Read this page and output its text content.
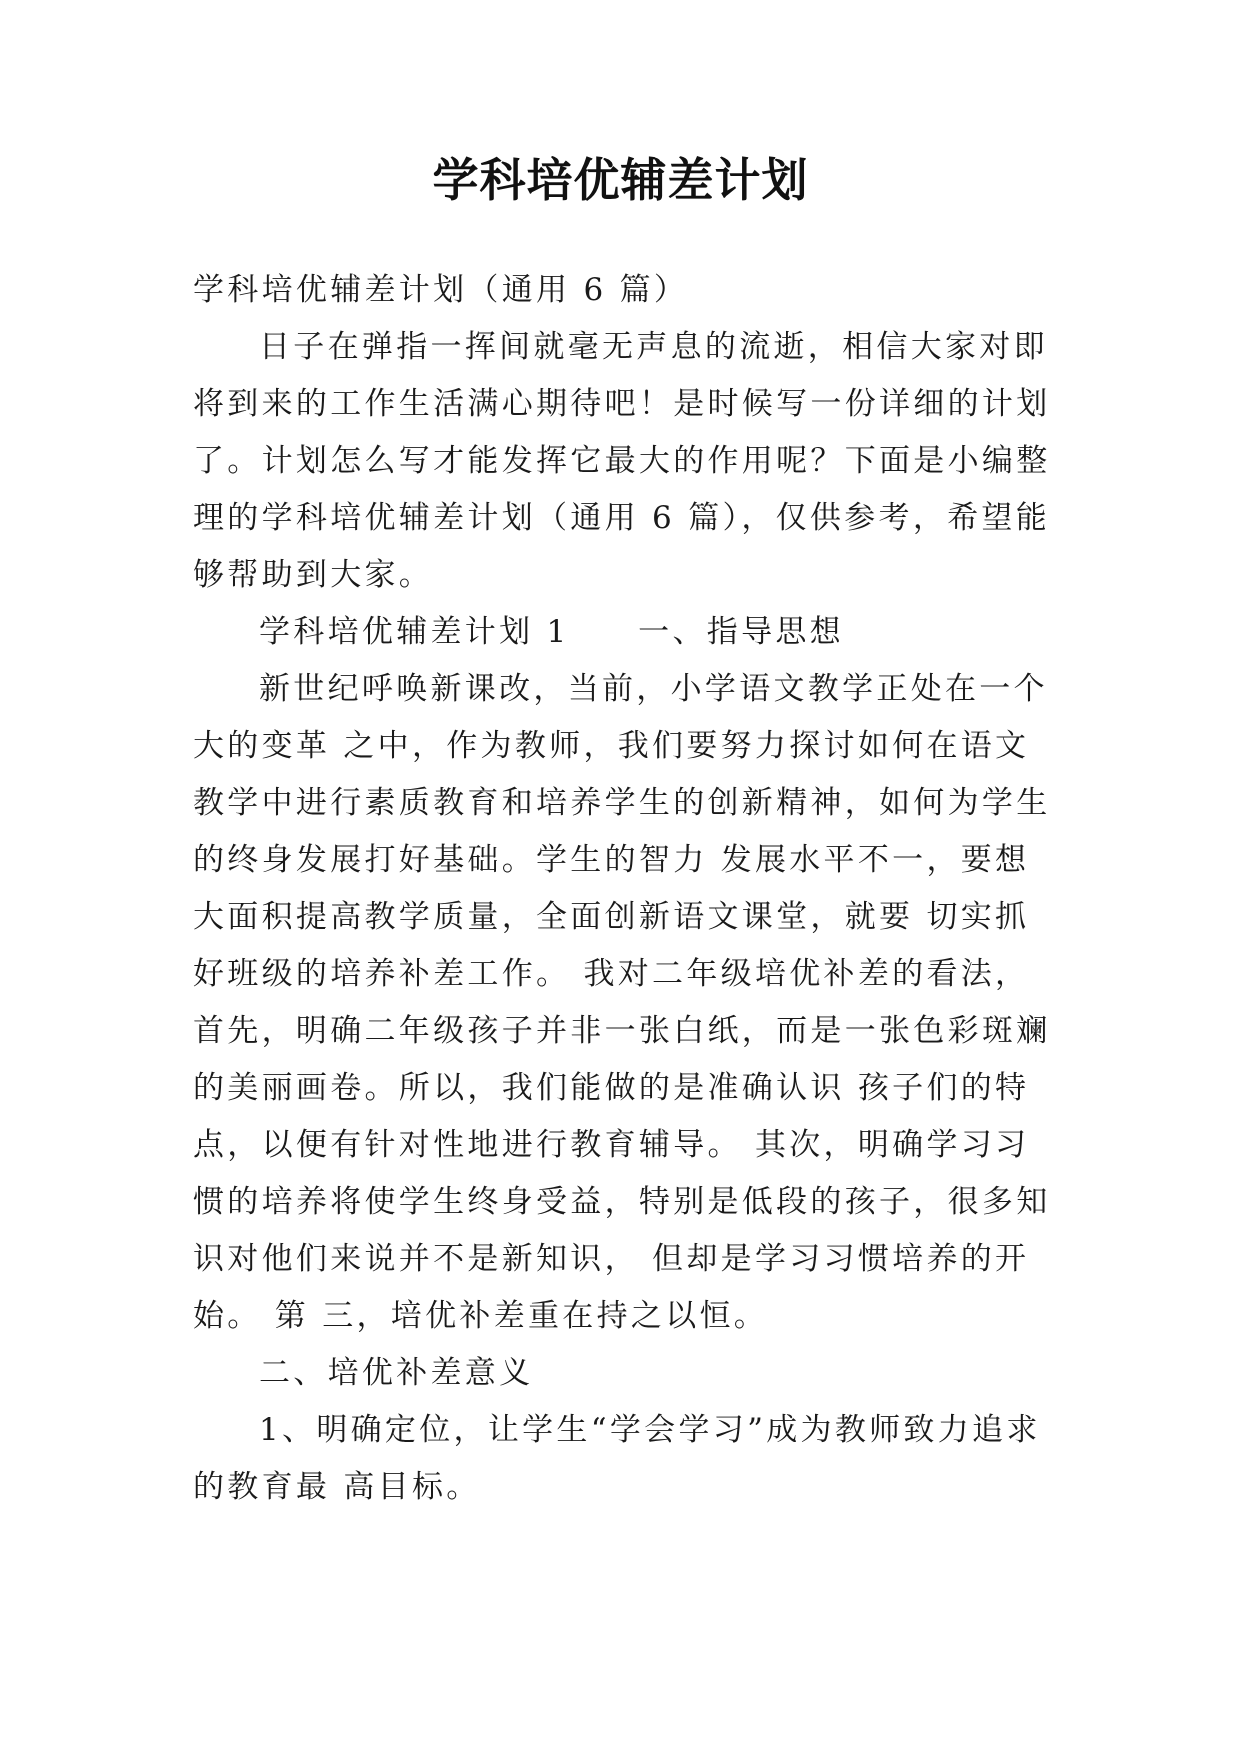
学科培优辅差计划

学科培优辅差计划（通用 6 篇）

日子在弹指一挥间就毫无声息的流逝，相信大家对即将到来的工作生活满心期待吧！是时候写一份详细的计划了。计划怎么写才能发挥它最大的作用呢？下面是小编整理的学科培优辅差计划（通用 6 篇），仅供参考，希望能够帮助到大家。

学科培优辅差计划 1　　一、指导思想

新世纪呼唤新课改，当前，小学语文教学正处在一个大的变革 之中，作为教师，我们要努力探讨如何在语文教学中进行素质教育和培养学生的创新精神，如何为学生的终身发展打好基础。学生的智力 发展水平不一，要想大面积提高教学质量，全面创新语文课堂，就要 切实抓好班级的培养补差工作。 我对二年级培优补差的看法，首先，明确二年级孩子并非一张白纸，而是一张色彩斑斓的美丽画卷。所以，我们能做的是准确认识 孩子们的特点，以便有针对性地进行教育辅导。 其次，明确学习习惯的培养将使学生终身受益，特别是低段的孩子，很多知识对他们来说并不是新知识， 但却是学习习惯培养的开始。 第 三，培优补差重在持之以恒。

二、培优补差意义

1、明确定位，让学生“学会学习”成为教师致力追求的教育最 高目标。
